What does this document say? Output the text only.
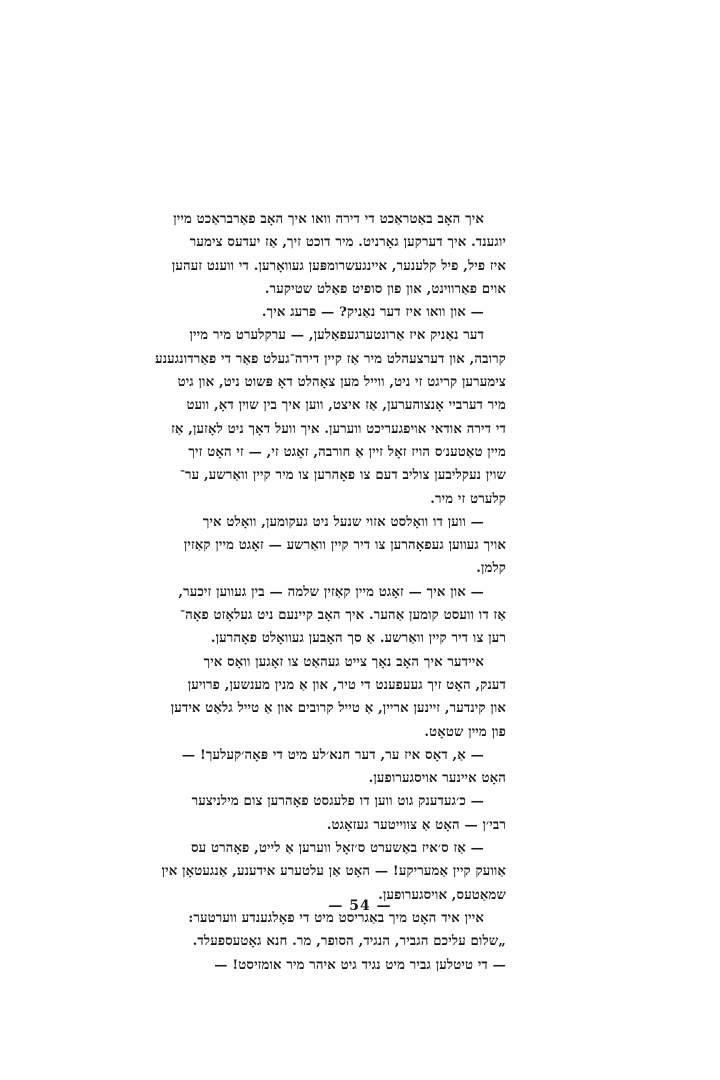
איך האָב באַטראַכט די דירה וואו איך האָב פאַרבראַכט מיין
יוגענד. איך דערקען גאָרניט. מיר דוכט זיך, אַז יעדעס צימער
איז פיל, פיל קלענער, איינגעשרומפּען געוואָרען. די ווענט זעהען
אוים פאַרווינט, און פון סופיט פאַלט שטיקער.
— און וואו איז דער נאַניק? — פרעג איך.
דער נאַניק איז אַרונטערגעפאַלען, — ערקלערט מיר מיין
קרובה, און דערצעהלט מיר אַז קיין דירה־געלט פאַר די פאַרדונגענע
צימערען קריגט זי ניט, ווייל מען צאָהלט דאָ פּשוט ניט, און גיט
מיר דערביי אָנצוהערען, אַז איצט, ווען איך בין שוין דאָ, וועט
די דירה אודאי אויפגעריכט ווערען. איך וועל דאָך ניט לאָזען, אַז
מיין טאַטענ׳ס הויז זאָל זיין אַ חורבה, זאָגט זי, — זי האָט זיך
שוין נעקליבען צוליב דעם צו פאָהרען צו מיר קיין וואַרשע, ער־
קלערט זי מיר.
— ווען דו וואָלסט אזוי שנעל ניט געקומען, וואָלט איך
אויך געווען געפאָהרען צו דיר קיין וואַרשע — זאָגט מיין קאַזין
קלמן.
— און איך — זאָגט מיין קאַזין שלמה — בין געווען זיכער,
אַז דו וועסט קומען אַהער. איך האָב קיינעם ניט געלאָזט פאָה־
רען צו דיר קיין וואַרשע. אַ סך האָבען געוואָלט פאָהרען.
איידער איך האָב נאָך צייט געהאַט צו זאָגען וואָס איך
דענק, האָט זיך געעפענט די טיר, און אַ מנין מענשען, פרויען
און קינדער, זיינען אריין, אַ טייל קרובים און אַ טייל גלאַט אידען
פון מיין שטאָט.
— אַ, דאָס איז ער, דער חנא׳לע מיט די פּאָה׳קעלעך! —
האָט איינער אויסגערופען.
— כ׳געדענק גוט ווען דו פלעגסט פאָהרען צום מילניצער
רבי׳ן — האָט אַ צווייטער געזאָגט.
— אַז ס׳איז באַשערט ס׳זאָל ווערען אַ לייט, פאָהרט עס
אַוועק קיין אַמעריקע! — האָט אַן עלטערע אידענע, אַנגעטאָן אין
שמאַטעס, אויסגערופען.
איין איד האָט מיך באַגריסט מיט די פאָלגענדע ווערטער:
„שלום עליכם הגביר, הנגיד, הסופר, מר. חנא גאָטעספעלד.
— די טיטלען גביר מיט נגיד גיט איהר מיר אומזיסט! —
— 54 —
